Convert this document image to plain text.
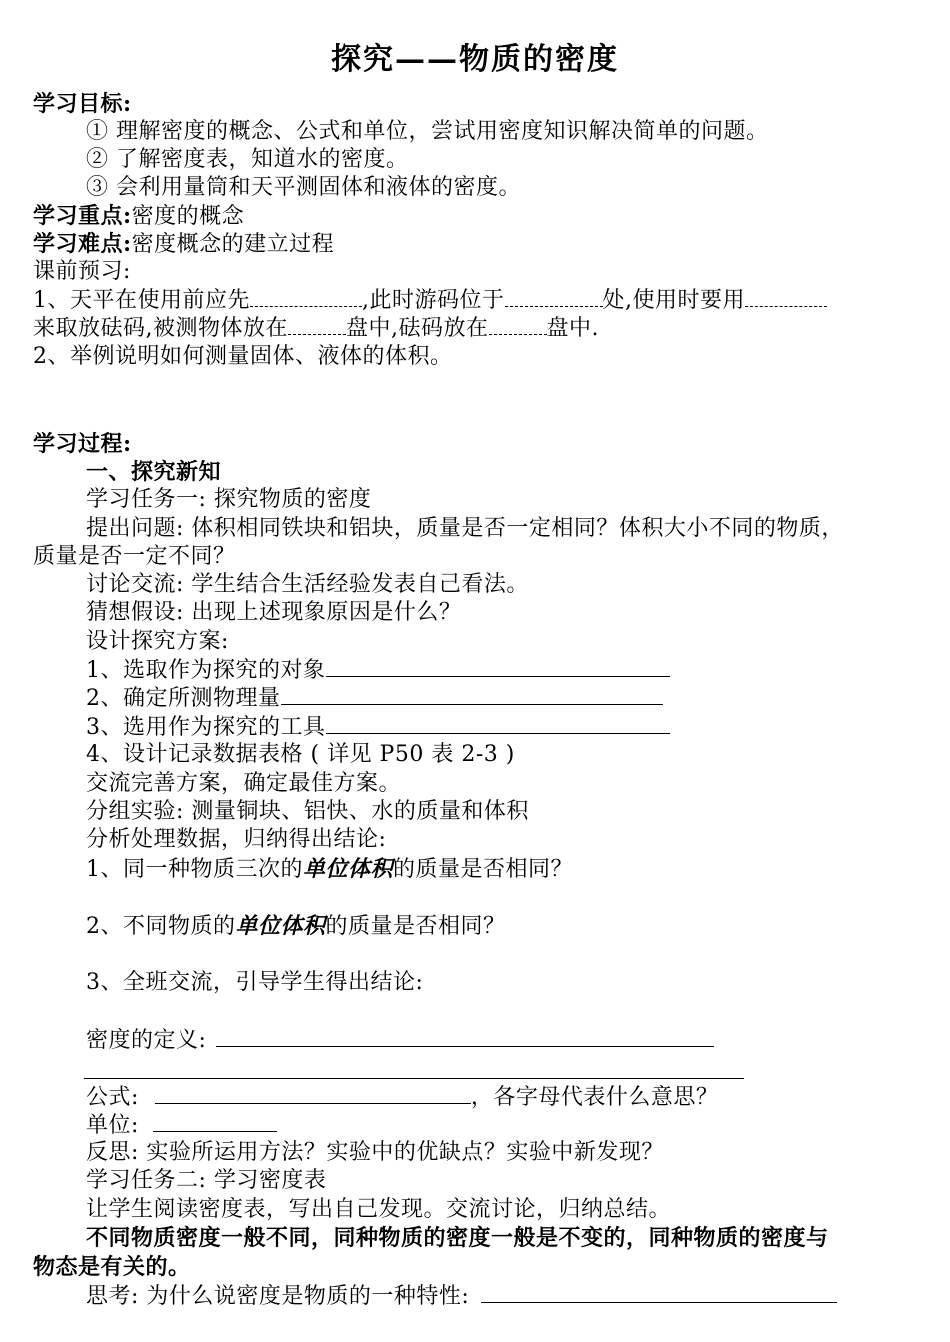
探究——物质的密度
学习目标:
① 理解密度的概念、公式和单位，尝试用密度知识解决简单的问题。
② 了解密度表，知道水的密度。
③ 会利用量筒和天平测固体和液体的密度。
学习重点:密度的概念
学习难点:密度概念的建立过程
课前预习:
1、天平在使用前应先	,此时游码位于	处,使用时要用
来取放砝码,被测物体放在	盘中,砝码放在	盘中.
2、举例说明如何测量固体、液体的体积。
学习过程:
一、探究新知
学习任务一: 探究物质的密度
提出问题: 体积相同铁块和铝块，质量是否一定相同？体积大小不同的物质，
质量是否一定不同？
讨论交流: 学生结合生活经验发表自己看法。
猜想假设: 出现上述现象原因是什么？
设计探究方案:
1、选取作为探究的对象
2、确定所测物理量
3、选用作为探究的工具
4、设计记录数据表格 ( 详见 P50 表 2-3 )
交流完善方案，确定最佳方案。
分组实验: 测量铜块、铝快、水的质量和体积
分析处理数据，归纳得出结论:
1、同一种物质三次的单位体积的质量是否相同？
2、不同物质的单位体积的质量是否相同？
3、全班交流，引导学生得出结论:
密度的定义:
公式:	，各字母代表什么意思？
单位:
反思: 实验所运用方法？实验中的优缺点？实验中新发现？
学习任务二: 学习密度表
让学生阅读密度表，写出自己发现。交流讨论，归纳总结。
不同物质密度一般不同，同种物质的密度一般是不变的，同种物质的密度与
物态是有关的。
思考: 为什么说密度是物质的一种特性:
